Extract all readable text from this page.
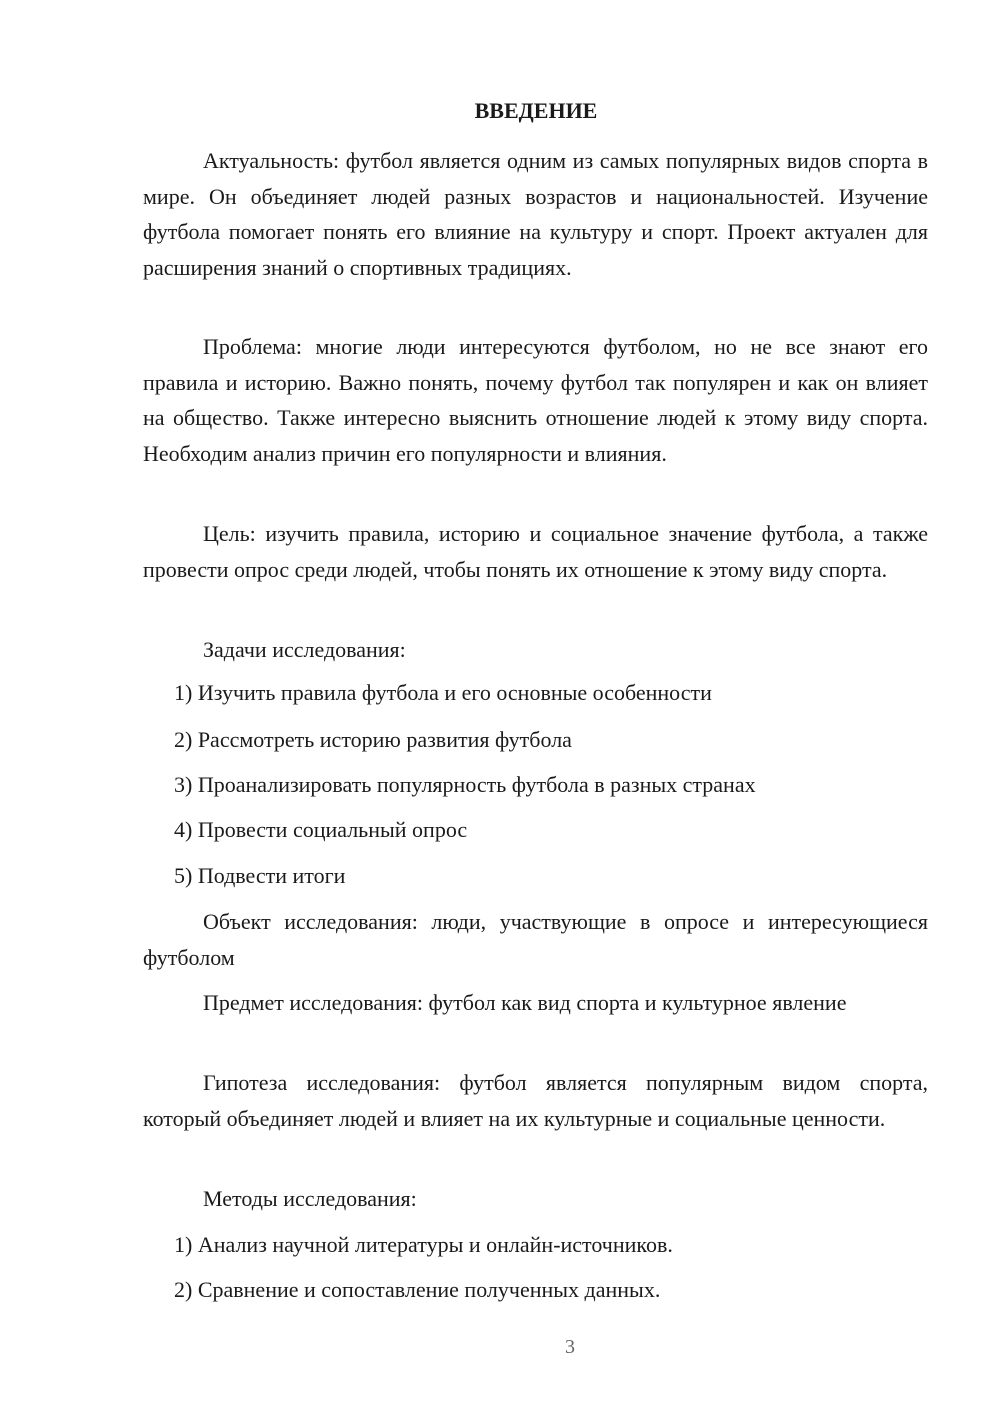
ВВЕДЕНИЕ

Актуальность: футбол является одним из самых популярных видов спорта в мире. Он объединяет людей разных возрастов и национальностей. Изучение футбола помогает понять его влияние на культуру и спорт. Проект актуален для расширения знаний о спортивных традициях.

Проблема: многие люди интересуются футболом, но не все знают его правила и историю. Важно понять, почему футбол так популярен и как он влияет на общество. Также интересно выяснить отношение людей к этому виду спорта. Необходим анализ причин его популярности и влияния.

Цель: изучить правила, историю и социальное значение футбола, а также провести опрос среди людей, чтобы понять их отношение к этому виду спорта.

Задачи исследования:

1) Изучить правила футбола и его основные особенности

2) Рассмотреть историю развития футбола

3) Проанализировать популярность футбола в разных странах

4) Провести социальный опрос

5) Подвести итоги

Объект исследования: люди, участвующие в опросе и интересующиеся футболом

Предмет исследования: футбол как вид спорта и культурное явление

Гипотеза исследования: футбол является популярным видом спорта, который объединяет людей и влияет на их культурные и социальные ценности.

Методы исследования:

1) Анализ научной литературы и онлайн-источников.

2) Сравнение и сопоставление полученных данных.

3
